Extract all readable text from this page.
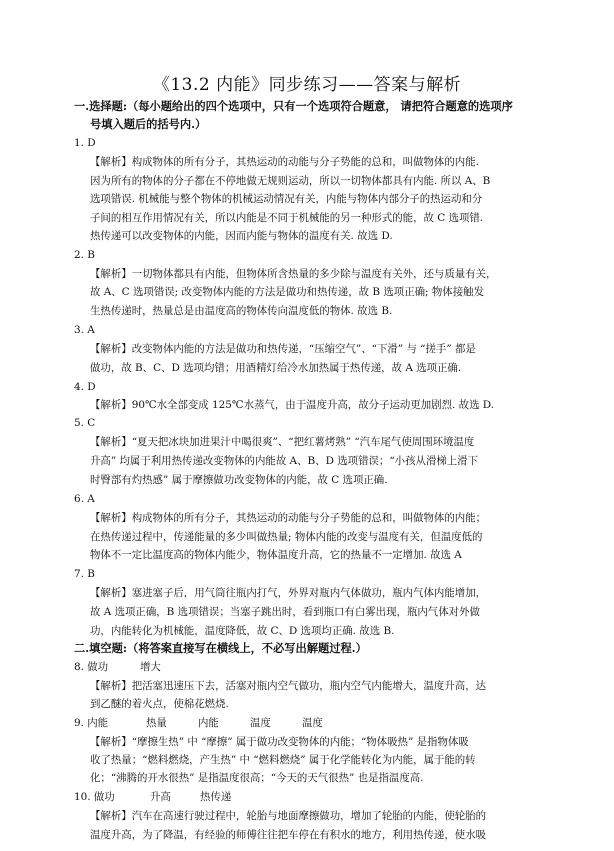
《13.2 内能》同步练习——答案与解析
一.选择题:（每小题给出的四个选项中，只有一个选项符合题意， 请把符合题意的选项序
号填入题后的括号内.）
1. D
【解析】构成物体的所有分子，其热运动的动能与分子势能的总和，叫做物体的内能.
因为所有的物体的分子都在不停地做无规则运动，所以一切物体都具有内能. 所以 A、B
选项错误. 机械能与整个物体的机械运动情况有关，内能与物体内部分子的热运动和分
子间的相互作用情况有关，所以内能是不同于机械能的另一种形式的能，故 C 选项错.
热传递可以改变物体的内能，因而内能与物体的温度有关. 故选 D.
2. B
【解析】一切物体都具有内能，但物体所含热量的多少除与温度有关外，还与质量有关，
故 A、C 选项错误; 改变物体内能的方法是做功和热传递，故 B 选项正确; 物体接触发
生热传递时，热量总是由温度高的物体传向温度低的物体. 故选 B.
3. A
【解析】改变物体内能的方法是做功和热传递，“压缩空气”、“下滑” 与 “搓手” 都是
做功，故 B、C、D 选项均错；用酒精灯给冷水加热属于热传递，故 A 选项正确.
4. D
【解析】90℃水全部变成 125℃水蒸气，由于温度升高，故分子运动更加剧烈. 故选 D.
5. C
【解析】“夏天把冰块加进果汁中喝很爽”、“把红薯烤熟” “汽车尾气使周围环境温度
升高” 均属于利用热传递改变物体的内能故 A、B、D 选项错误；“小孩从滑梯上滑下
时臀部有灼热感” 属于摩擦做功改变物体的内能，故 C 选项正确.
6. A
【解析】构成物体的所有分子，其热运动的动能与分子势能的总和，叫做物体的内能；
在热传递过程中，传递能量的多少叫做热量; 物体内能的改变与温度有关，但温度低的
物体不一定比温度高的物体内能少，物体温度升高，它的热量不一定增加. 故选 A
7. B
【解析】塞进塞子后，用气筒往瓶内打气，外界对瓶内气体做功，瓶内气体内能增加，
故 A 选项正确，B 选项错误；当塞子跳出时，看到瓶口有白雾出现，瓶内气体对外做
功，内能转化为机械能，温度降低，故 C、D 选项均正确. 故选 B.
二.填空题:（将答案直接写在横线上，不必写出解题过程.）
8. 做功	增大
【解析】把活塞迅速压下去，活塞对瓶内空气做功，瓶内空气内能增大，温度升高，达
到乙醚的着火点，使棉花燃烧.
9. 内能	热量	内能	温度	温度
【解析】“摩擦生热” 中 “摩擦” 属于做功改变物体的内能；“物体吸热” 是指物体吸
收了热量；“燃料燃烧，产生热” 中 “燃料燃烧” 属于化学能转化为内能，属于能的转
化；“沸腾的开水很热” 是指温度很高；“今天的天气很热” 也是指温度高.
10. 做功	升高	热传递
【解析】汽车在高速行驶过程中，轮胎与地面摩擦做功，增加了轮胎的内能，使轮胎的
温度升高，为了降温，有经验的师傅往往把车停在有积水的地方，利用热传递，使水吸
